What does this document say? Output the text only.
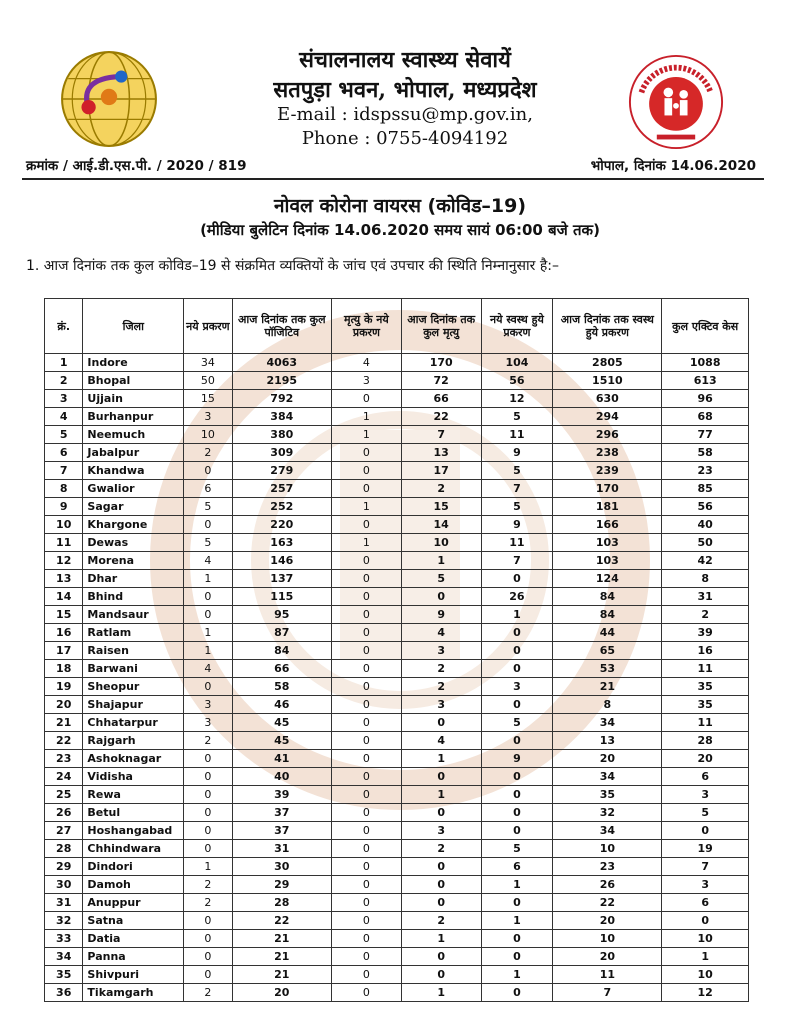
संचालनालय स्वास्थ्य सेवायें
सतपुड़ा भवन, भोपाल, मध्यप्रदेश
E-mail : idspssu@mp.gov.in,
Phone : 0755-4094192
क्रमांक / आई.डी.एस.पी. / 2020 / 819	भोपाल, दिनांक 14.06.2020
नोवल कोरोना वायरस (कोविड–19)
(मीडिया बुलेटिन दिनांक 14.06.2020 समय सायं 06:00 बजे तक)
1. आज दिनांक तक कुल कोविड–19 से संक्रमित व्यक्तियों के जांच एवं उपचार की स्थिति निम्नानुसार है:–
क्रं.	जिला	नये प्रकरण	आज दिनांक तक कुल पॉजिटिव	मृत्यु के नये प्रकरण	आज दिनांक तक कुल मृत्यु	नये स्वस्थ हुये प्रकरण	आज दिनांक तक स्वस्थ हुये प्रकरण	कुल एक्टिव केस
1	Indore	34	4063	4	170	104	2805	1088
2	Bhopal	50	2195	3	72	56	1510	613
3	Ujjain	15	792	0	66	12	630	96
4	Burhanpur	3	384	1	22	5	294	68
5	Neemuch	10	380	1	7	11	296	77
6	Jabalpur	2	309	0	13	9	238	58
7	Khandwa	0	279	0	17	5	239	23
8	Gwalior	6	257	0	2	7	170	85
9	Sagar	5	252	1	15	5	181	56
10	Khargone	0	220	0	14	9	166	40
11	Dewas	5	163	1	10	11	103	50
12	Morena	4	146	0	1	7	103	42
13	Dhar	1	137	0	5	0	124	8
14	Bhind	0	115	0	0	26	84	31
15	Mandsaur	0	95	0	9	1	84	2
16	Ratlam	1	87	0	4	0	44	39
17	Raisen	1	84	0	3	0	65	16
18	Barwani	4	66	0	2	0	53	11
19	Sheopur	0	58	0	2	3	21	35
20	Shajapur	3	46	0	3	0	8	35
21	Chhatarpur	3	45	0	0	5	34	11
22	Rajgarh	2	45	0	4	0	13	28
23	Ashoknagar	0	41	0	1	9	20	20
24	Vidisha	0	40	0	0	0	34	6
25	Rewa	0	39	0	1	0	35	3
26	Betul	0	37	0	0	0	32	5
27	Hoshangabad	0	37	0	3	0	34	0
28	Chhindwara	0	31	0	2	5	10	19
29	Dindori	1	30	0	0	6	23	7
30	Damoh	2	29	0	0	1	26	3
31	Anuppur	2	28	0	0	0	22	6
32	Satna	0	22	0	2	1	20	0
33	Datia	0	21	0	1	0	10	10
34	Panna	0	21	0	0	0	20	1
35	Shivpuri	0	21	0	0	1	11	10
36	Tikamgarh	2	20	0	1	0	7	12
